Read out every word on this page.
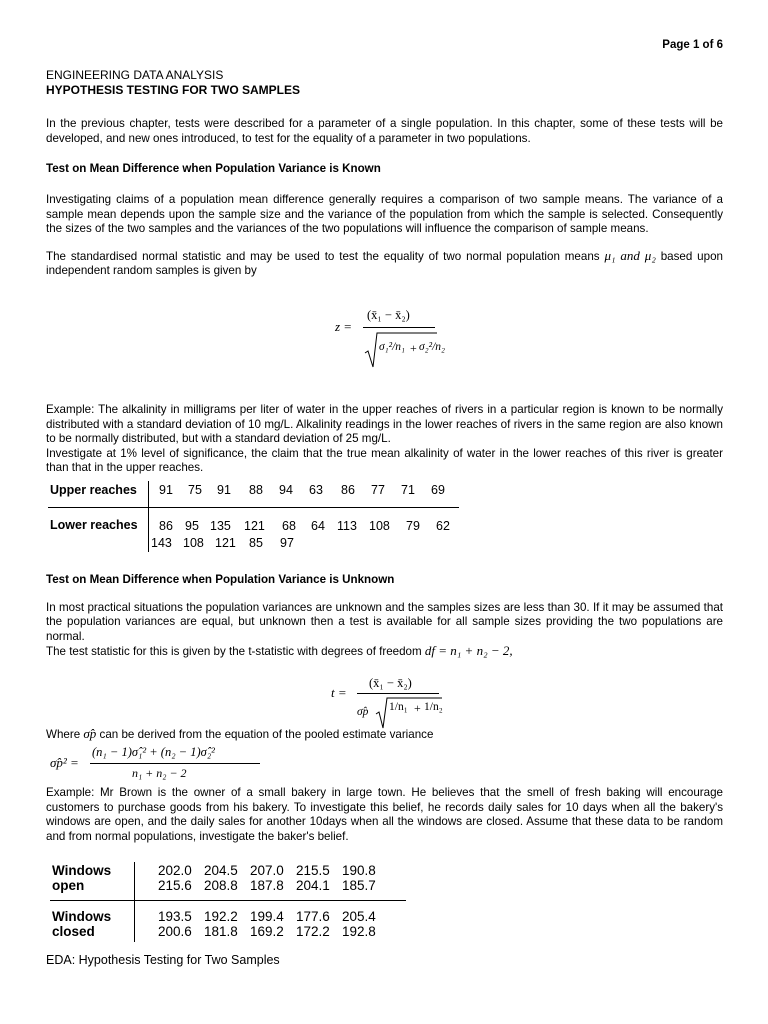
Page 1 of 6
ENGINEERING DATA ANALYSIS
HYPOTHESIS TESTING FOR TWO SAMPLES

In the previous chapter, tests were described for a parameter of a single population. In this chapter, some of these tests will be developed, and new ones introduced, to test for the equality of a parameter in two populations.

Test on Mean Difference when Population Variance is Known

Investigating claims of a population mean difference generally requires a comparison of two sample means. The variance of a sample mean depends upon the sample size and the variance of the population from which the sample is selected. Consequently the sizes of the two samples and the variances of the two populations will influence the comparison of sample means.

The standardised normal statistic and may be used to test the equality of two normal population means μ₁ and μ₂ based upon independent random samples is given by

z =
(x̄₁ − x̄₂)
σ₁²/n₁ + σ₂²/n₂

Example: The alkalinity in milligrams per liter of water in the upper reaches of rivers in a particular region is known to be normally distributed with a standard deviation of 10 mg/L. Alkalinity readings in the lower reaches of rivers in the same region are also known to be normally distributed, but with a standard deviation of 25 mg/L.

Investigate at 1% level of significance, the claim that the true mean alkalinity of water in the lower reaches of this river is greater than that in the upper reaches.

Upper reaches	91 75 91 88 94 63 86 77 71 69
Lower reaches	86 95 135 121 68 64 113 108 79 62
143 108 121 85 97

Test on Mean Difference when Population Variance is Unknown

In most practical situations the population variances are unknown and the samples sizes are less than 30. If it may be assumed that the population variances are equal, but unknown then a test is available for all sample sizes providing the two populations are normal.

The test statistic for this is given by the t-statistic with degrees of freedom df = n₁ + n₂ − 2,

t =
(x̄₁ − x̄₂)
σ̂p 1/n₁ + 1/n₂
Where σ̂p can be derived from the equation of the pooled estimate variance
σ̂p² =
(n₁ − 1)σ̂₁² + (n₂ − 1)σ̂₂²
n₁ + n₂ − 2

Example: Mr Brown is the owner of a small bakery in large town. He believes that the smell of fresh baking will encourage customers to purchase goods from his bakery. To investigate this belief, he records daily sales for 10 days when all the bakery's windows are open, and the daily sales for another 10days when all the windows are closed. Assume that these data to be random and from normal populations, investigate the baker's belief.

Windows
open
202.0 204.5 207.0 215.5 190.8
215.6 208.8 187.8 204.1 185.7
Windows
closed
193.5 192.2 199.4 177.6 205.4
200.6 181.8 169.2 172.2 192.8
EDA: Hypothesis Testing for Two Samples
